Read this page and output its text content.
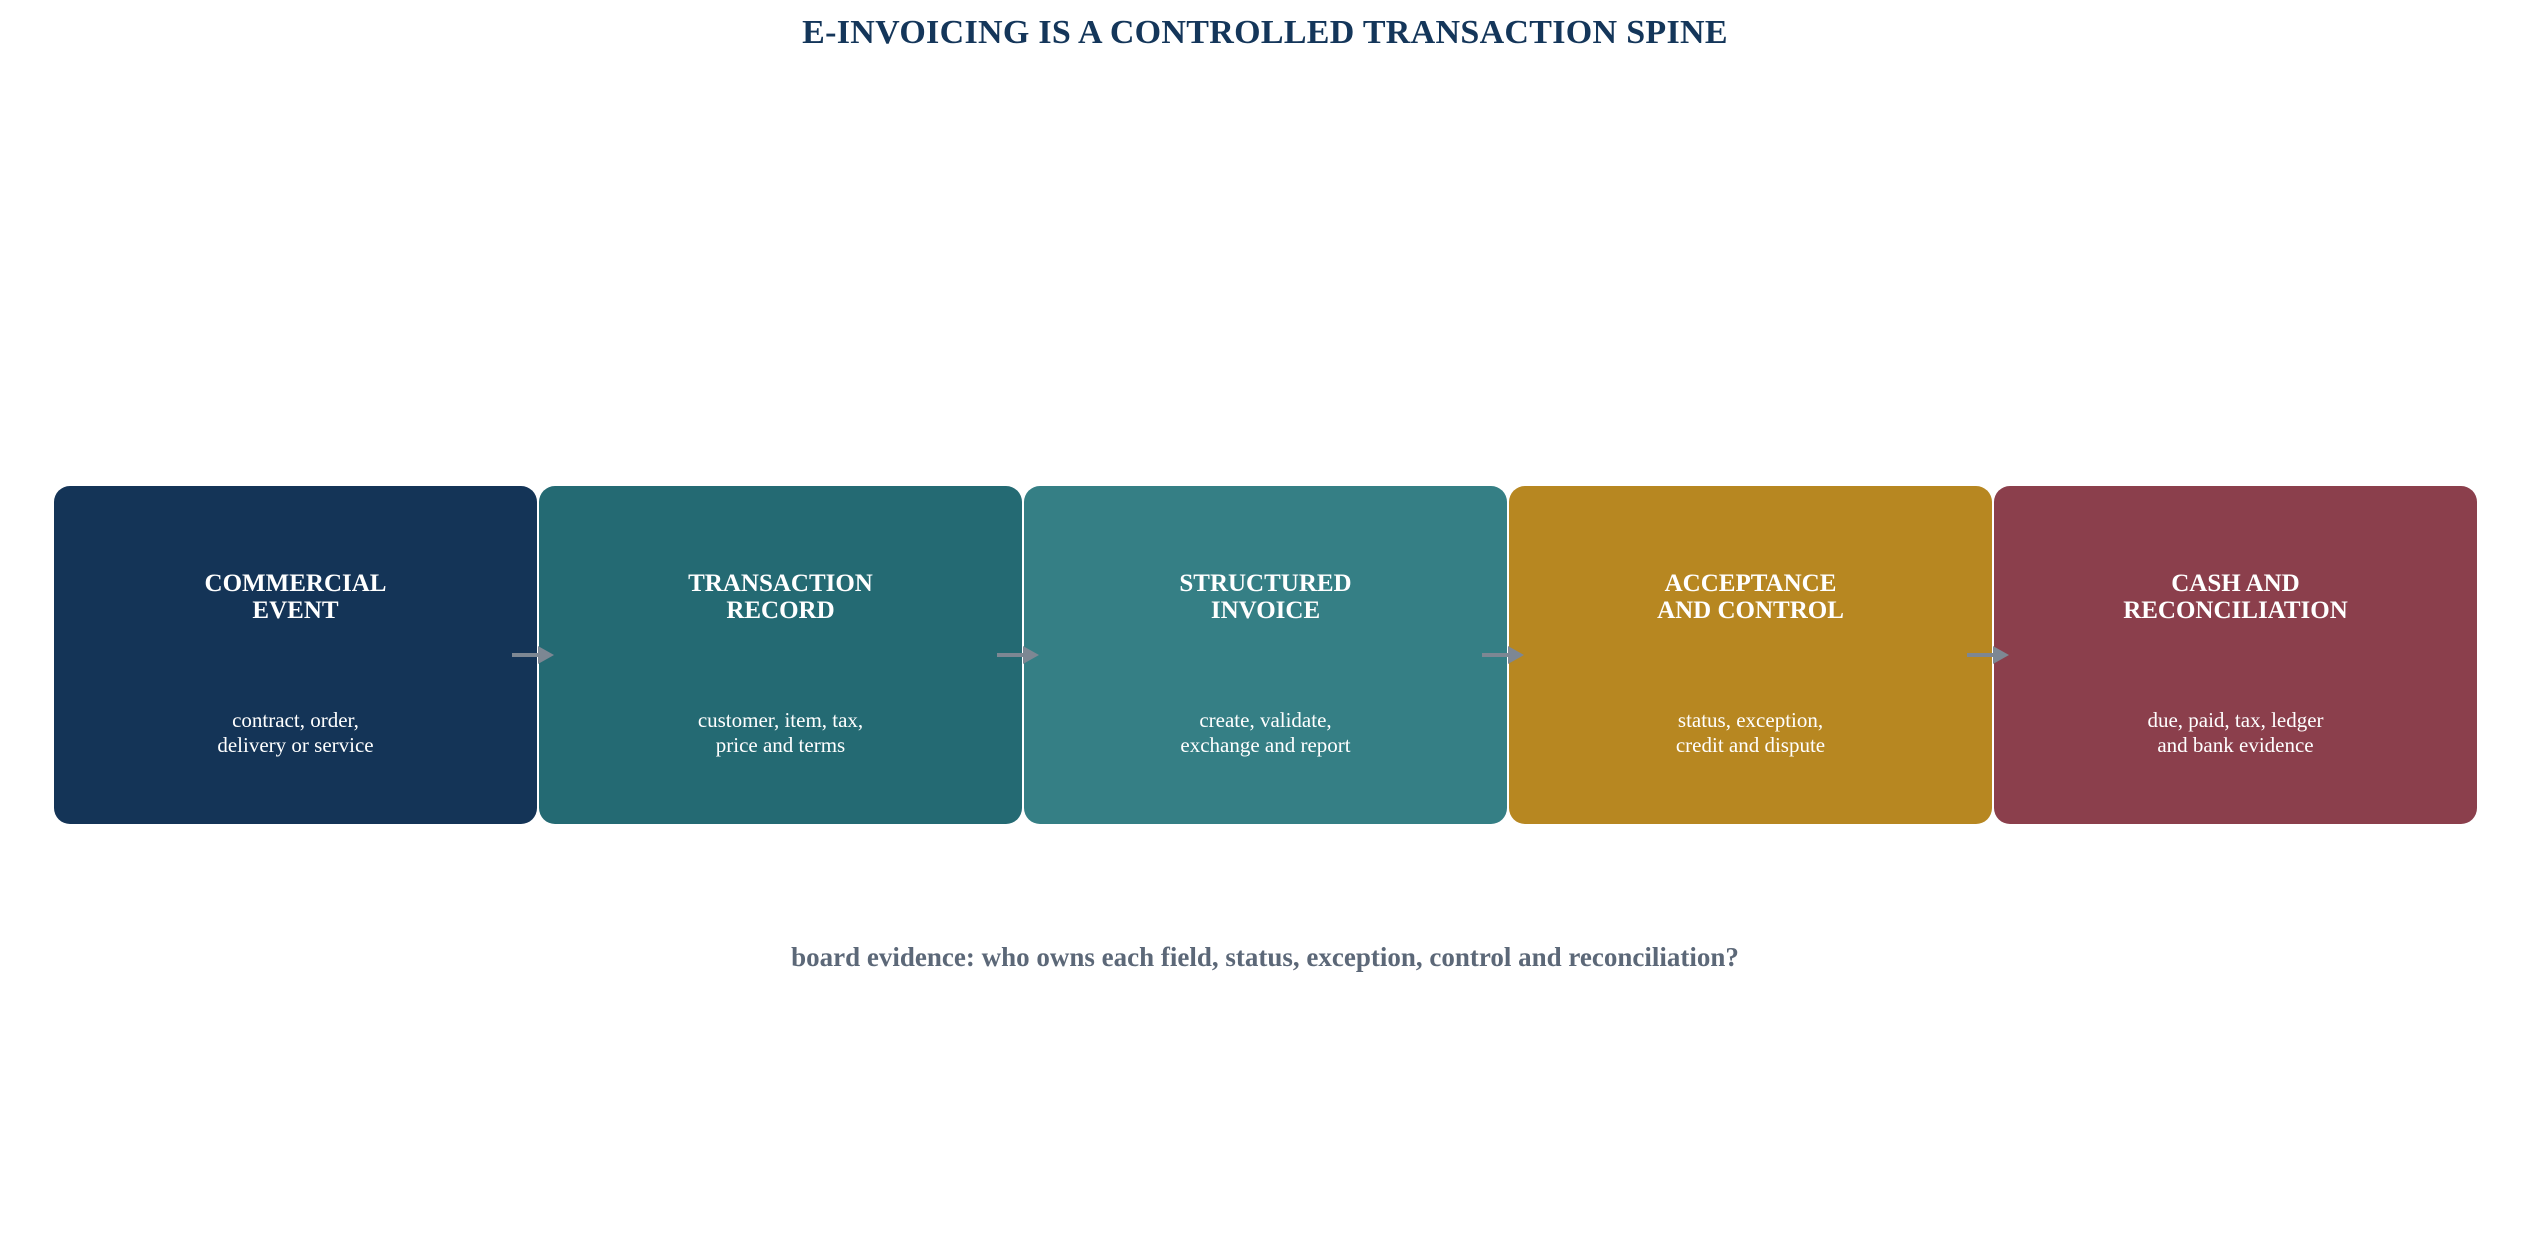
E-INVOICING IS A CONTROLLED TRANSACTION SPINE
COMMERCIAL
EVENT
contract, order,
delivery or service
TRANSACTION
RECORD
customer, item, tax,
price and terms
STRUCTURED
INVOICE
create, validate,
exchange and report
ACCEPTANCE
AND CONTROL
status, exception,
credit and dispute
CASH AND
RECONCILIATION
due, paid, tax, ledger
and bank evidence
board evidence: who owns each field, status, exception, control and reconciliation?
